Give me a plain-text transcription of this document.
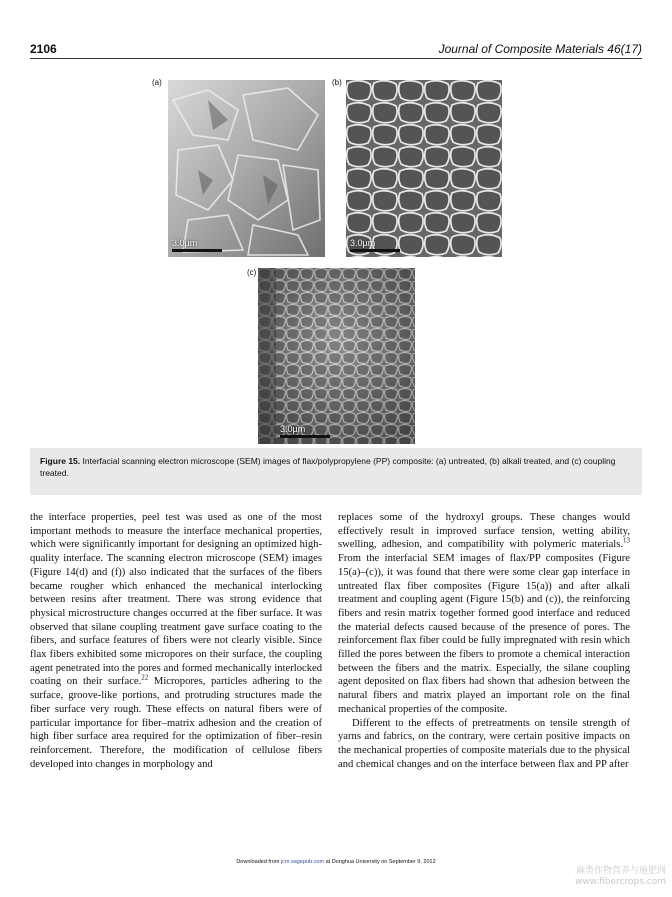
2106	Journal of Composite Materials 46(17)
(a)
3.0µm
(b)
3.0µm
(c)
3.0µm
Figure 15. Interfacial scanning electron microscope (SEM) images of flax/polypropylene (PP) composite: (a) untreated, (b) alkali treated, and (c) coupling treated.

the interface properties, peel test was used as one of the most important methods to measure the interface mechanical properties, which were significantly important for designing an optimized high-quality interface. The scanning electron microscope (SEM) images (Figure 14(d) and (f)) also indicated that the surfaces of the fibers became rougher which enhanced the mechanical interlocking between resins after treatment. There was strong evidence that physical microstructure changes occurred at the fiber surface. It was observed that silane coupling treatment gave surface coating to the fibers, and surface features of fibers were not clearly visible. Since flax fibers exhibited some micropores on their surface, the coupling agent penetrated into the pores and formed mechanically interlocked coating on their surface.$^{22}$ Micropores, particles adhering to the surface, groove-like portions, and protruding structures made the fiber surface very rough. These effects on natural fibers were of particular importance for fiber–matrix adhesion and the creation of high fiber surface area required for the optimization of fiber–resin reinforcement. Therefore, the modification of cellulose fibers developed into changes in morphology and

replaces some of the hydroxyl groups. These changes would effectively result in improved surface tension, wetting ability, swelling, adhesion, and compatibility with polymeric materials.$^{13}$ From the interfacial SEM images of flax/PP composites (Figure 15(a)–(c)), it was found that there were some clear gap interface in untreated flax fiber composites (Figure 15(a)) and after alkali treatment and coupling agent (Figure 15(b) and (c)), the reinforcing fibers and resin matrix together formed good interface and reduced the material defects caused because of the presence of pores. The reinforcement flax fiber could be fully impregnated with resin which filled the pores between the fibers to promote a chemical interaction between the fibers and the matrix. Especially, the silane coupling agent deposited on flax fibers had shown that adhesion between the natural fibers and matrix played an important role on the final mechanical properties of the composite.

Different to the effects of pretreatments on tensile strength of yarns and fabrics, on the contrary, were certain positive impacts on the mechanical properties of composite materials due to the physical and chemical changes and on the interface between flax and PP after

Downloaded from jcm.sagepub.com at Donghua University on September 9, 2012
麻类作物营养与施肥网
www.fibercrops.com
